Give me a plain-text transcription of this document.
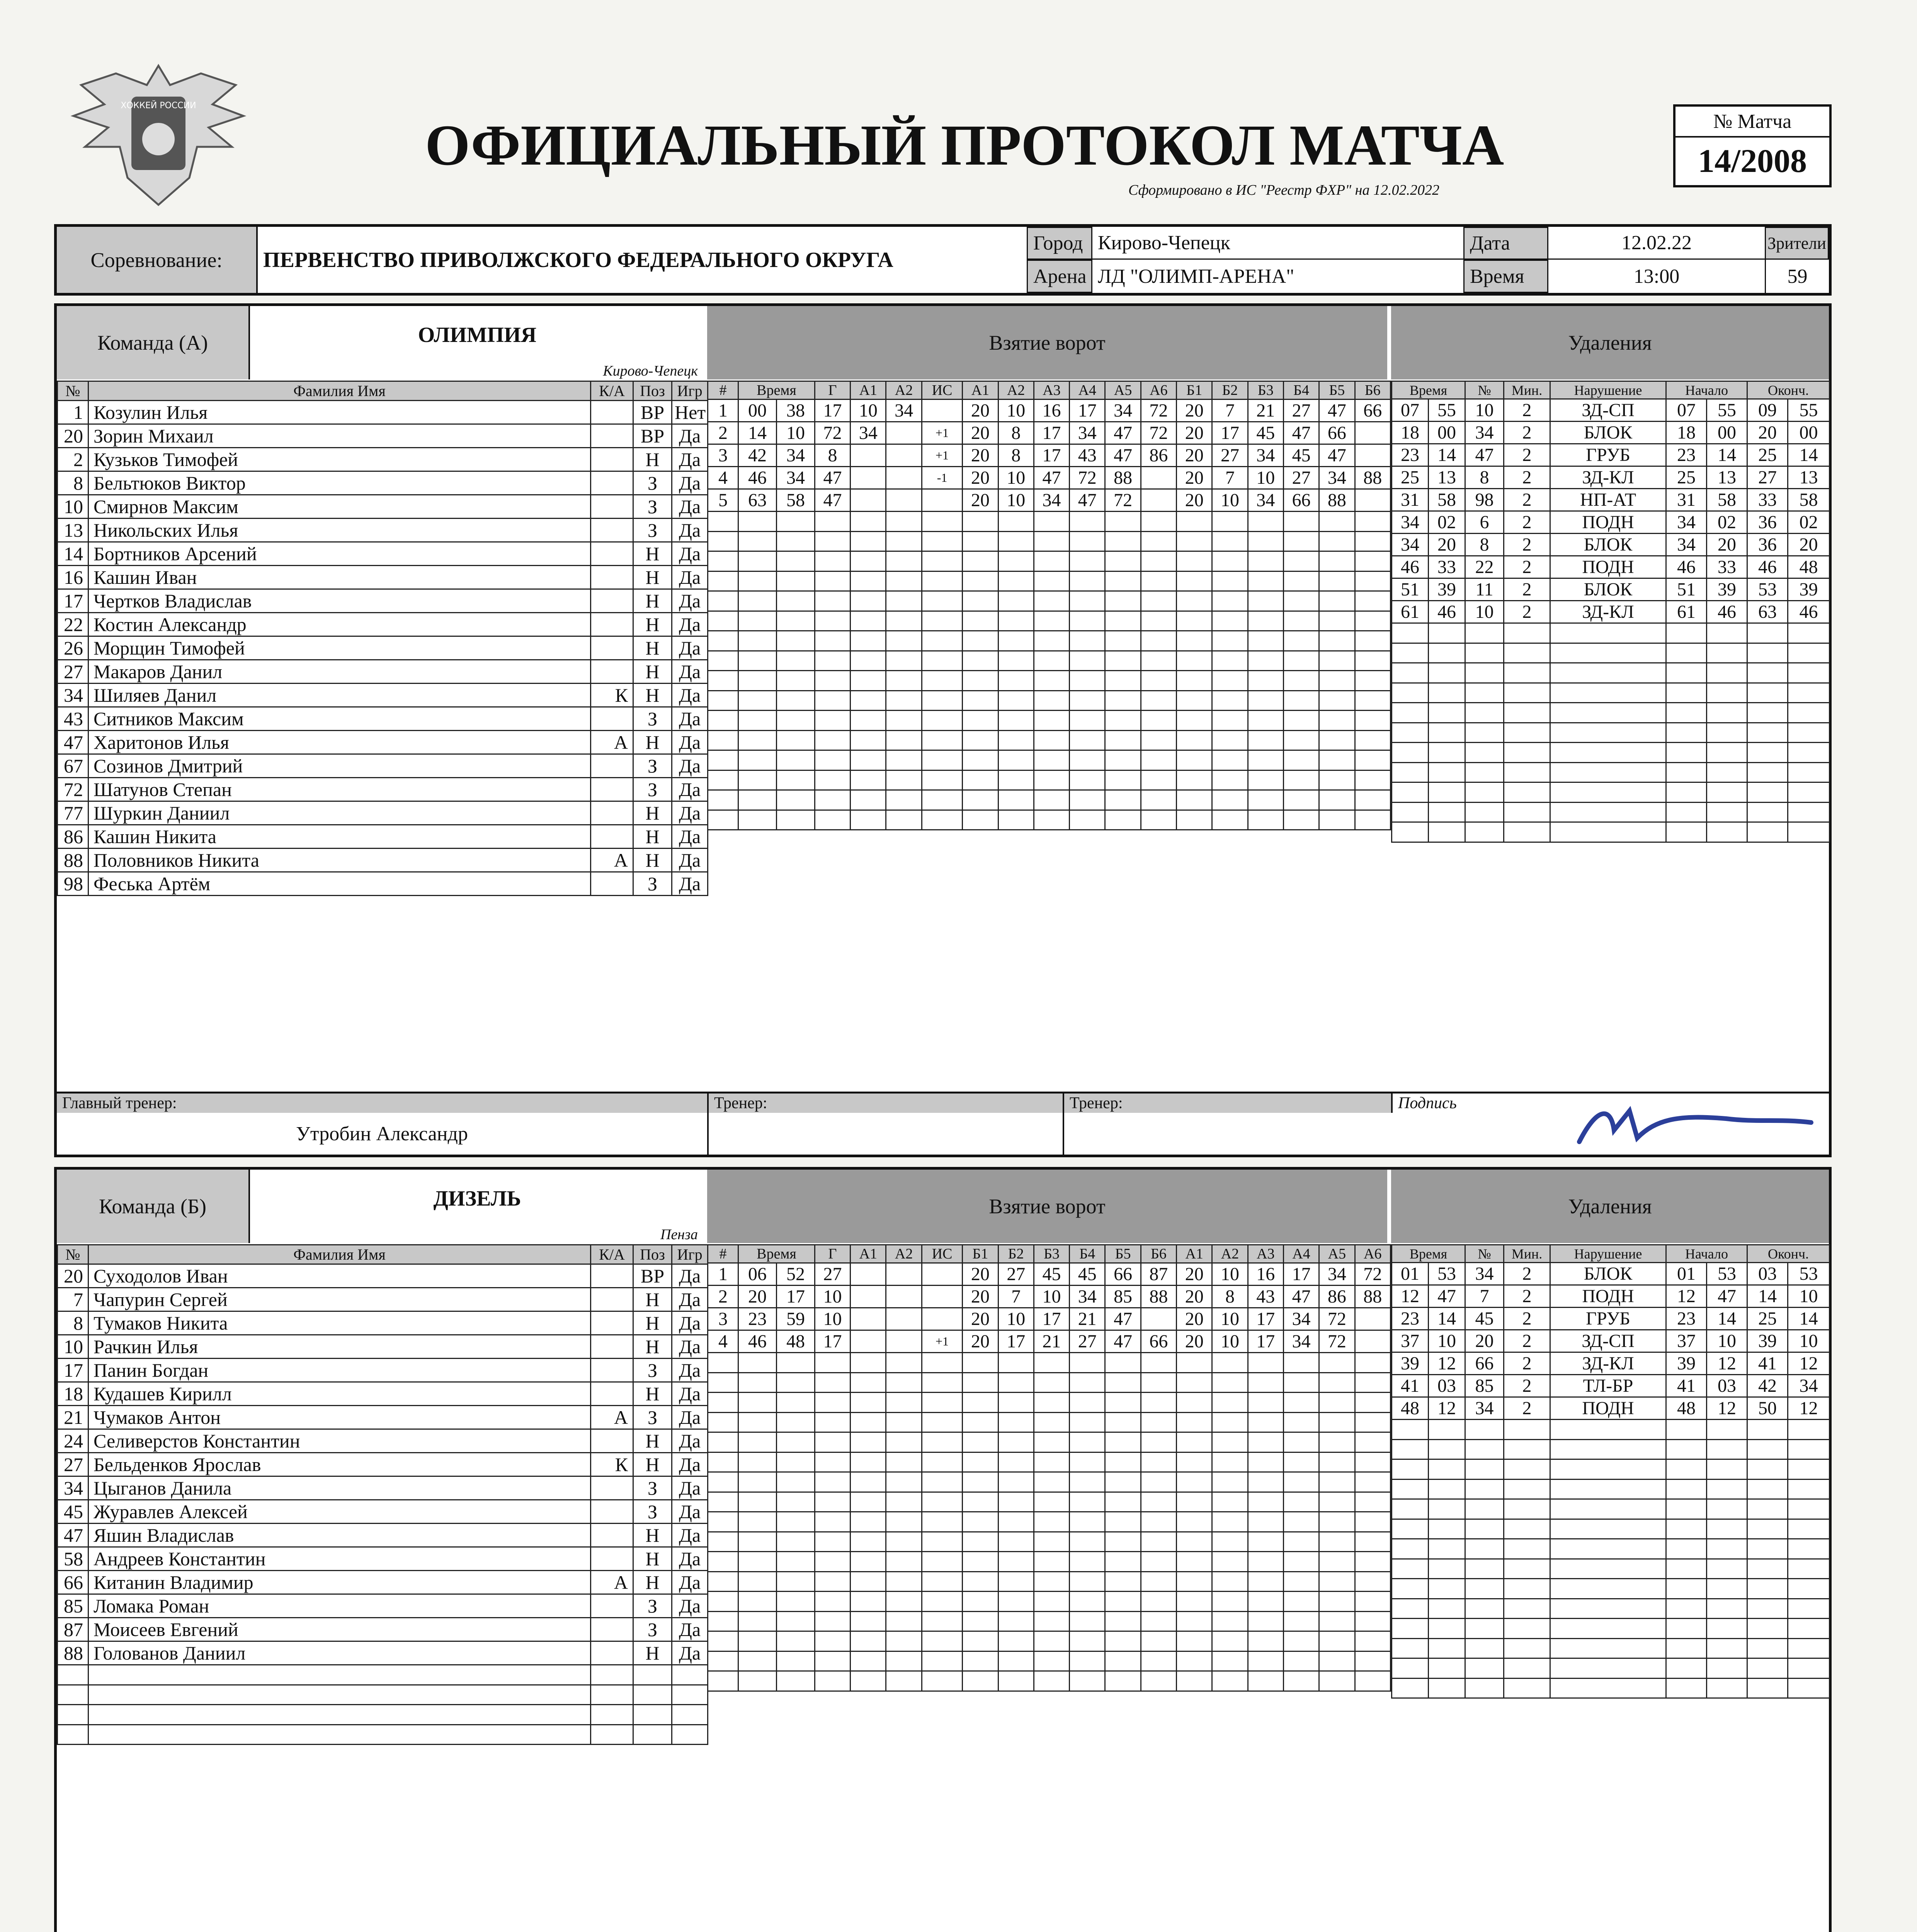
ХОККЕЙ РОССИИ
ОФИЦИАЛЬНЫЙ ПРОТОКОЛ МАТЧА
Сформировано в ИС "Реестр ФХР" на 12.02.2022
№ Матча
14/2008
Соревнование:	ПЕРВЕНСТВО ПРИВОЛЖСКОГО ФЕДЕРАЛЬНОГО ОКРУГА
Город Кирово-Чепецк
Арена ЛД "ОЛИМП-АРЕНА"
Дата	12.02.22
Время	13:00
Зрители
59
Команда (А)	ОЛИМПИЯ
Кирово-Чепецк
Взятие ворот	Удаления
№	Фамилия Имя	К/А	Поз	Игр
1	Козулин Илья		ВР	Нет
20	Зорин Михаил		ВР	Да
2	Кузьков Тимофей		Н	Да
8	Бельтюков Виктор		З	Да
10	Смирнов Максим		З	Да
13	Никольских Илья		З	Да
14	Бортников Арсений		Н	Да
16	Кашин Иван		Н	Да
17	Чертков Владислав		Н	Да
22	Костин Александр		Н	Да
26	Морщин Тимофей		Н	Да
27	Макаров Данил		Н	Да
34	Шиляев Данил	К	Н	Да
43	Ситников Максим		З	Да
47	Харитонов Илья	А	Н	Да
67	Созинов Дмитрий		З	Да
72	Шатунов Степан		З	Да
77	Шуркин Даниил		Н	Да
86	Кашин Никита		Н	Да
88	Половников Никита	А	Н	Да
98	Феська Артём		З	Да
#	Время		Г	А1	А2	ИС	А1	А2	А3	А4	А5	А6	Б1	Б2	Б3	Б4	Б5	Б6
1	00	38	17	10	34		20	10	16	17	34	72	20	7	21	27	47	66
2	14	10	72	34		+1	20	8	17	34	47	72	20	17	45	47	66	
3	42	34	8			+1	20	8	17	43	47	86	20	27	34	45	47	
4	46	34	47			-1	20	10	47	72	88		20	7	10	27	34	88
5	63	58	47				20	10	34	47	72		20	10	34	66	88	

Время		№	Мин.	Нарушение	Начало		Оконч.	
07	55	10	2	ЗД-СП	07	55	09	55
18	00	34	2	БЛОК	18	00	20	00
23	14	47	2	ГРУБ	23	14	25	14
25	13	8	2	ЗД-КЛ	25	13	27	13
31	58	98	2	НП-АТ	31	58	33	58
34	02	6	2	ПОДН	34	02	36	02
34	20	8	2	БЛОК	34	20	36	20
46	33	22	2	ПОДН	46	33	46	48
51	39	11	2	БЛОК	51	39	53	39
61	46	10	2	ЗД-КЛ	61	46	63	46

Главный тренер:
Утробин Александр
Тренер:	Тренер:	Подпись
Команда (Б)	ДИЗЕЛЬ
Пенза
Взятие ворот	Удаления
№	Фамилия Имя	К/А	Поз	Игр
20	Суходолов Иван		ВР	Да
7	Чапурин Сергей		Н	Да
8	Тумаков Никита		Н	Да
10	Рачкин Илья		Н	Да
17	Панин Богдан		З	Да
18	Кудашев Кирилл		Н	Да
21	Чумаков Антон	А	З	Да
24	Селиверстов Константин		Н	Да
27	Бельденков Ярослав	К	Н	Да
34	Цыганов Данила		З	Да
45	Журавлев Алексей		З	Да
47	Яшин Владислав		Н	Да
58	Андреев Константин		Н	Да
66	Китанин Владимир	А	Н	Да
85	Ломака Роман		З	Да
87	Моисеев Евгений		З	Да
88	Голованов Даниил		Н	Да

#	Время		Г	А1	А2	ИС	Б1	Б2	Б3	Б4	Б5	Б6	А1	А2	А3	А4	А5	А6
1	06	52	27				20	27	45	45	66	87	20	10	16	17	34	72
2	20	17	10				20	7	10	34	85	88	20	8	43	47	86	88
3	23	59	10				20	10	17	21	47		20	10	17	34	72	
4	46	48	17			+1	20	17	21	27	47	66	20	10	17	34	72	

Время		№	Мин.	Нарушение	Начало		Оконч.	
01	53	34	2	БЛОК	01	53	03	53
12	47	7	2	ПОДН	12	47	14	10
23	14	45	2	ГРУБ	23	14	25	14
37	10	20	2	ЗД-СП	37	10	39	10
39	12	66	2	ЗД-КЛ	39	12	41	12
41	03	85	2	ТЛ-БР	41	03	42	34
48	12	34	2	ПОДН	48	12	50	12
